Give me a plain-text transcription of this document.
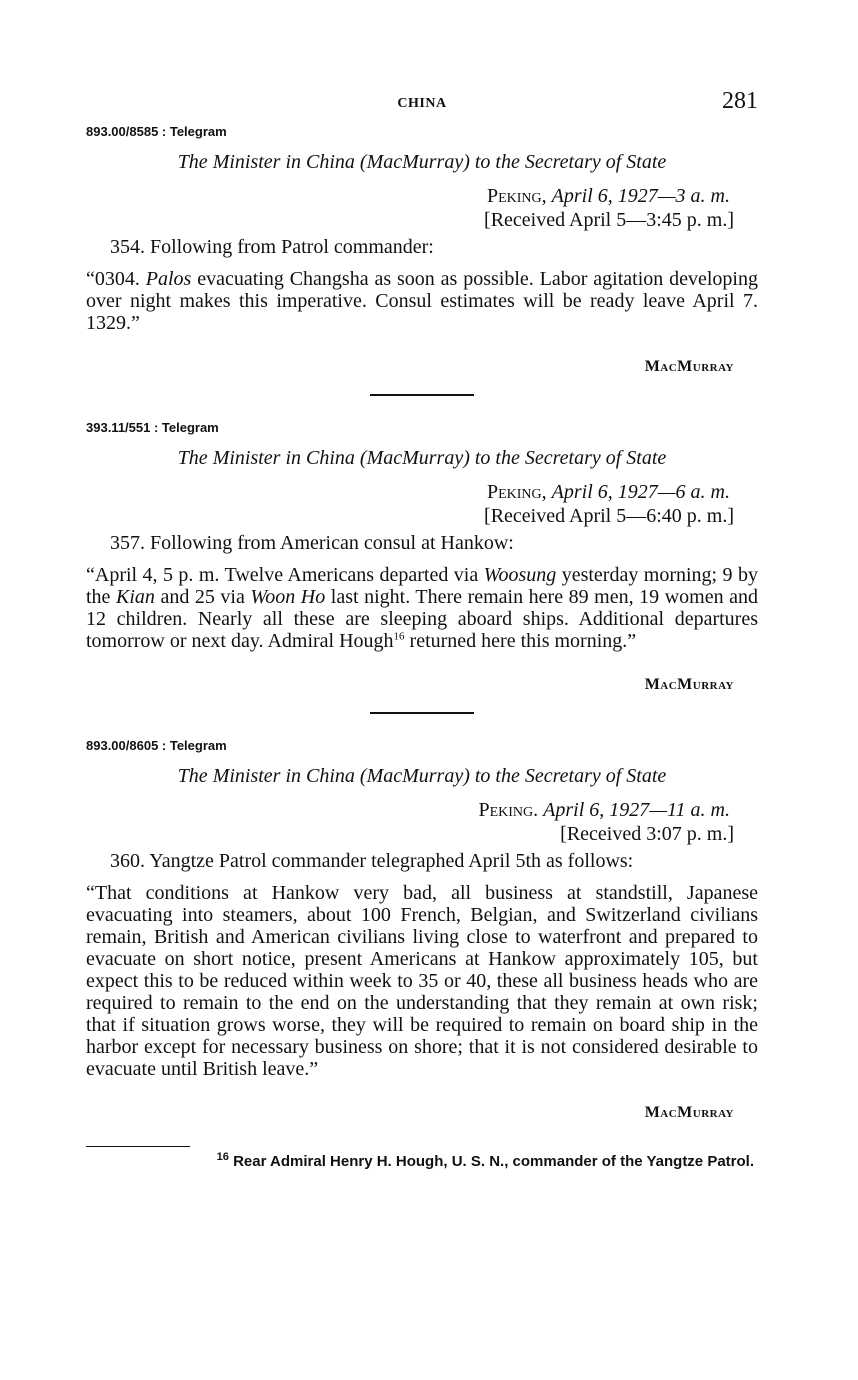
CHINA	281

893.00/8585 : Telegram

The Minister in China (MacMurray) to the Secretary of State

Peking, April 6, 1927—3 a. m.
[Received April 5—3:45 p. m.]
354. Following from Patrol commander:

“0304. Palos evacuating Changsha as soon as possible. Labor agitation developing over night makes this imperative. Consul estimates will be ready leave April 7. 1329.”

MacMurray

393.11/551 : Telegram

The Minister in China (MacMurray) to the Secretary of State

Peking, April 6, 1927—6 a. m.
[Received April 5—6:40 p. m.]
357. Following from American consul at Hankow:

“April 4, 5 p. m. Twelve Americans departed via Woosung yesterday morning; 9 by the Kian and 25 via Woon Ho last night. There remain here 89 men, 19 women and 12 children. Nearly all these are sleeping aboard ships. Additional departures tomorrow or next day. Admiral Hough$^{16}$ returned here this morning.”

MacMurray

893.00/8605 : Telegram

The Minister in China (MacMurray) to the Secretary of State

Peking. April 6, 1927—11 a. m.
[Received 3:07 p. m.]
360. Yangtze Patrol commander telegraphed April 5th as follows:

“That conditions at Hankow very bad, all business at standstill, Japanese evacuating into steamers, about 100 French, Belgian, and Switzerland civilians remain, British and American civilians living close to waterfront and prepared to evacuate on short notice, present Americans at Hankow approximately 105, but expect this to be reduced within week to 35 or 40, these all business heads who are required to remain to the end on the understanding that they remain at own risk; that if situation grows worse, they will be required to remain on board ship in the harbor except for necessary business on shore; that it is not considered desirable to evacuate until British leave.”

MacMurray
$^{16}$ Rear Admiral Henry H. Hough, U. S. N., commander of the Yangtze Patrol.
